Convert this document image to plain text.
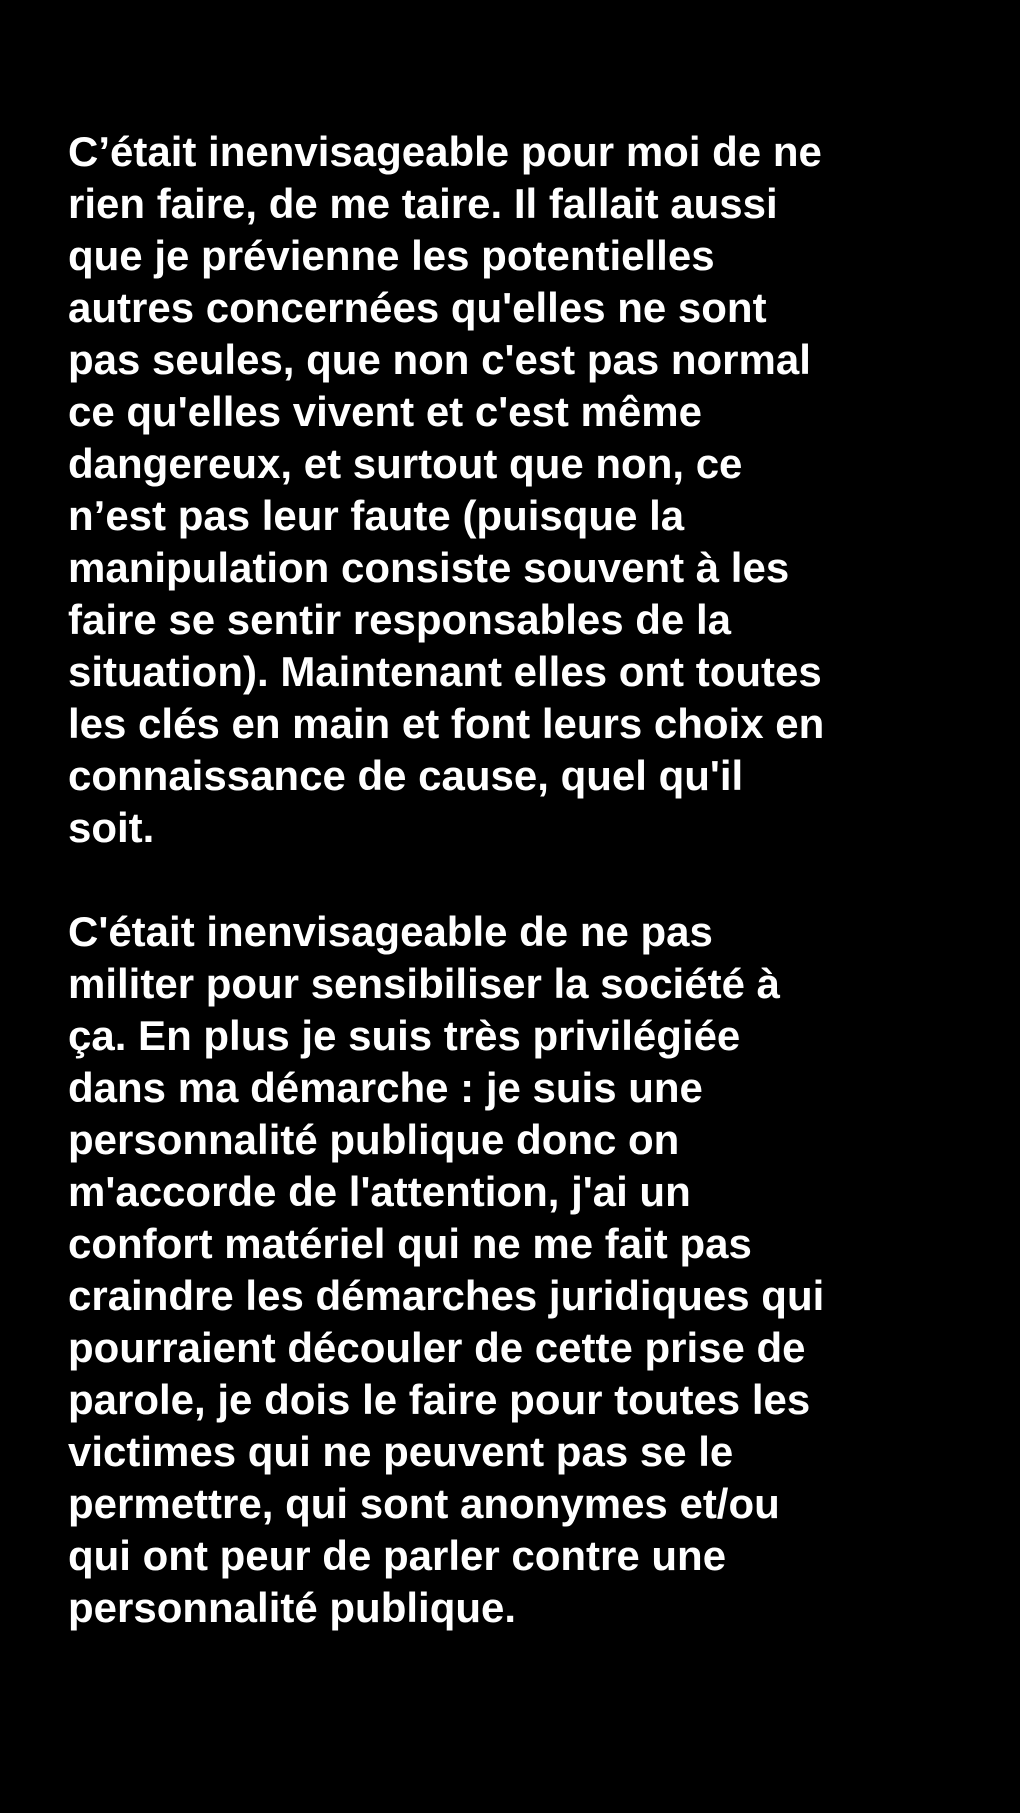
C’était inenvisageable pour moi de ne
rien faire, de me taire. Il fallait aussi
que je prévienne les potentielles
autres concernées qu'elles ne sont
pas seules, que non c'est pas normal
ce qu'elles vivent et c'est même
dangereux, et surtout que non, ce
n’est pas leur faute (puisque la
manipulation consiste souvent à les
faire se sentir responsables de la
situation). Maintenant elles ont toutes
les clés en main et font leurs choix en
connaissance de cause, quel qu'il
soit.

C'était inenvisageable de ne pas
militer pour sensibiliser la société à
ça. En plus je suis très privilégiée
dans ma démarche : je suis une
personnalité publique donc on
m'accorde de l'attention, j'ai un
confort matériel qui ne me fait pas
craindre les démarches juridiques qui
pourraient découler de cette prise de
parole, je dois le faire pour toutes les
victimes qui ne peuvent pas se le
permettre, qui sont anonymes et/ou
qui ont peur de parler contre une
personnalité publique.
